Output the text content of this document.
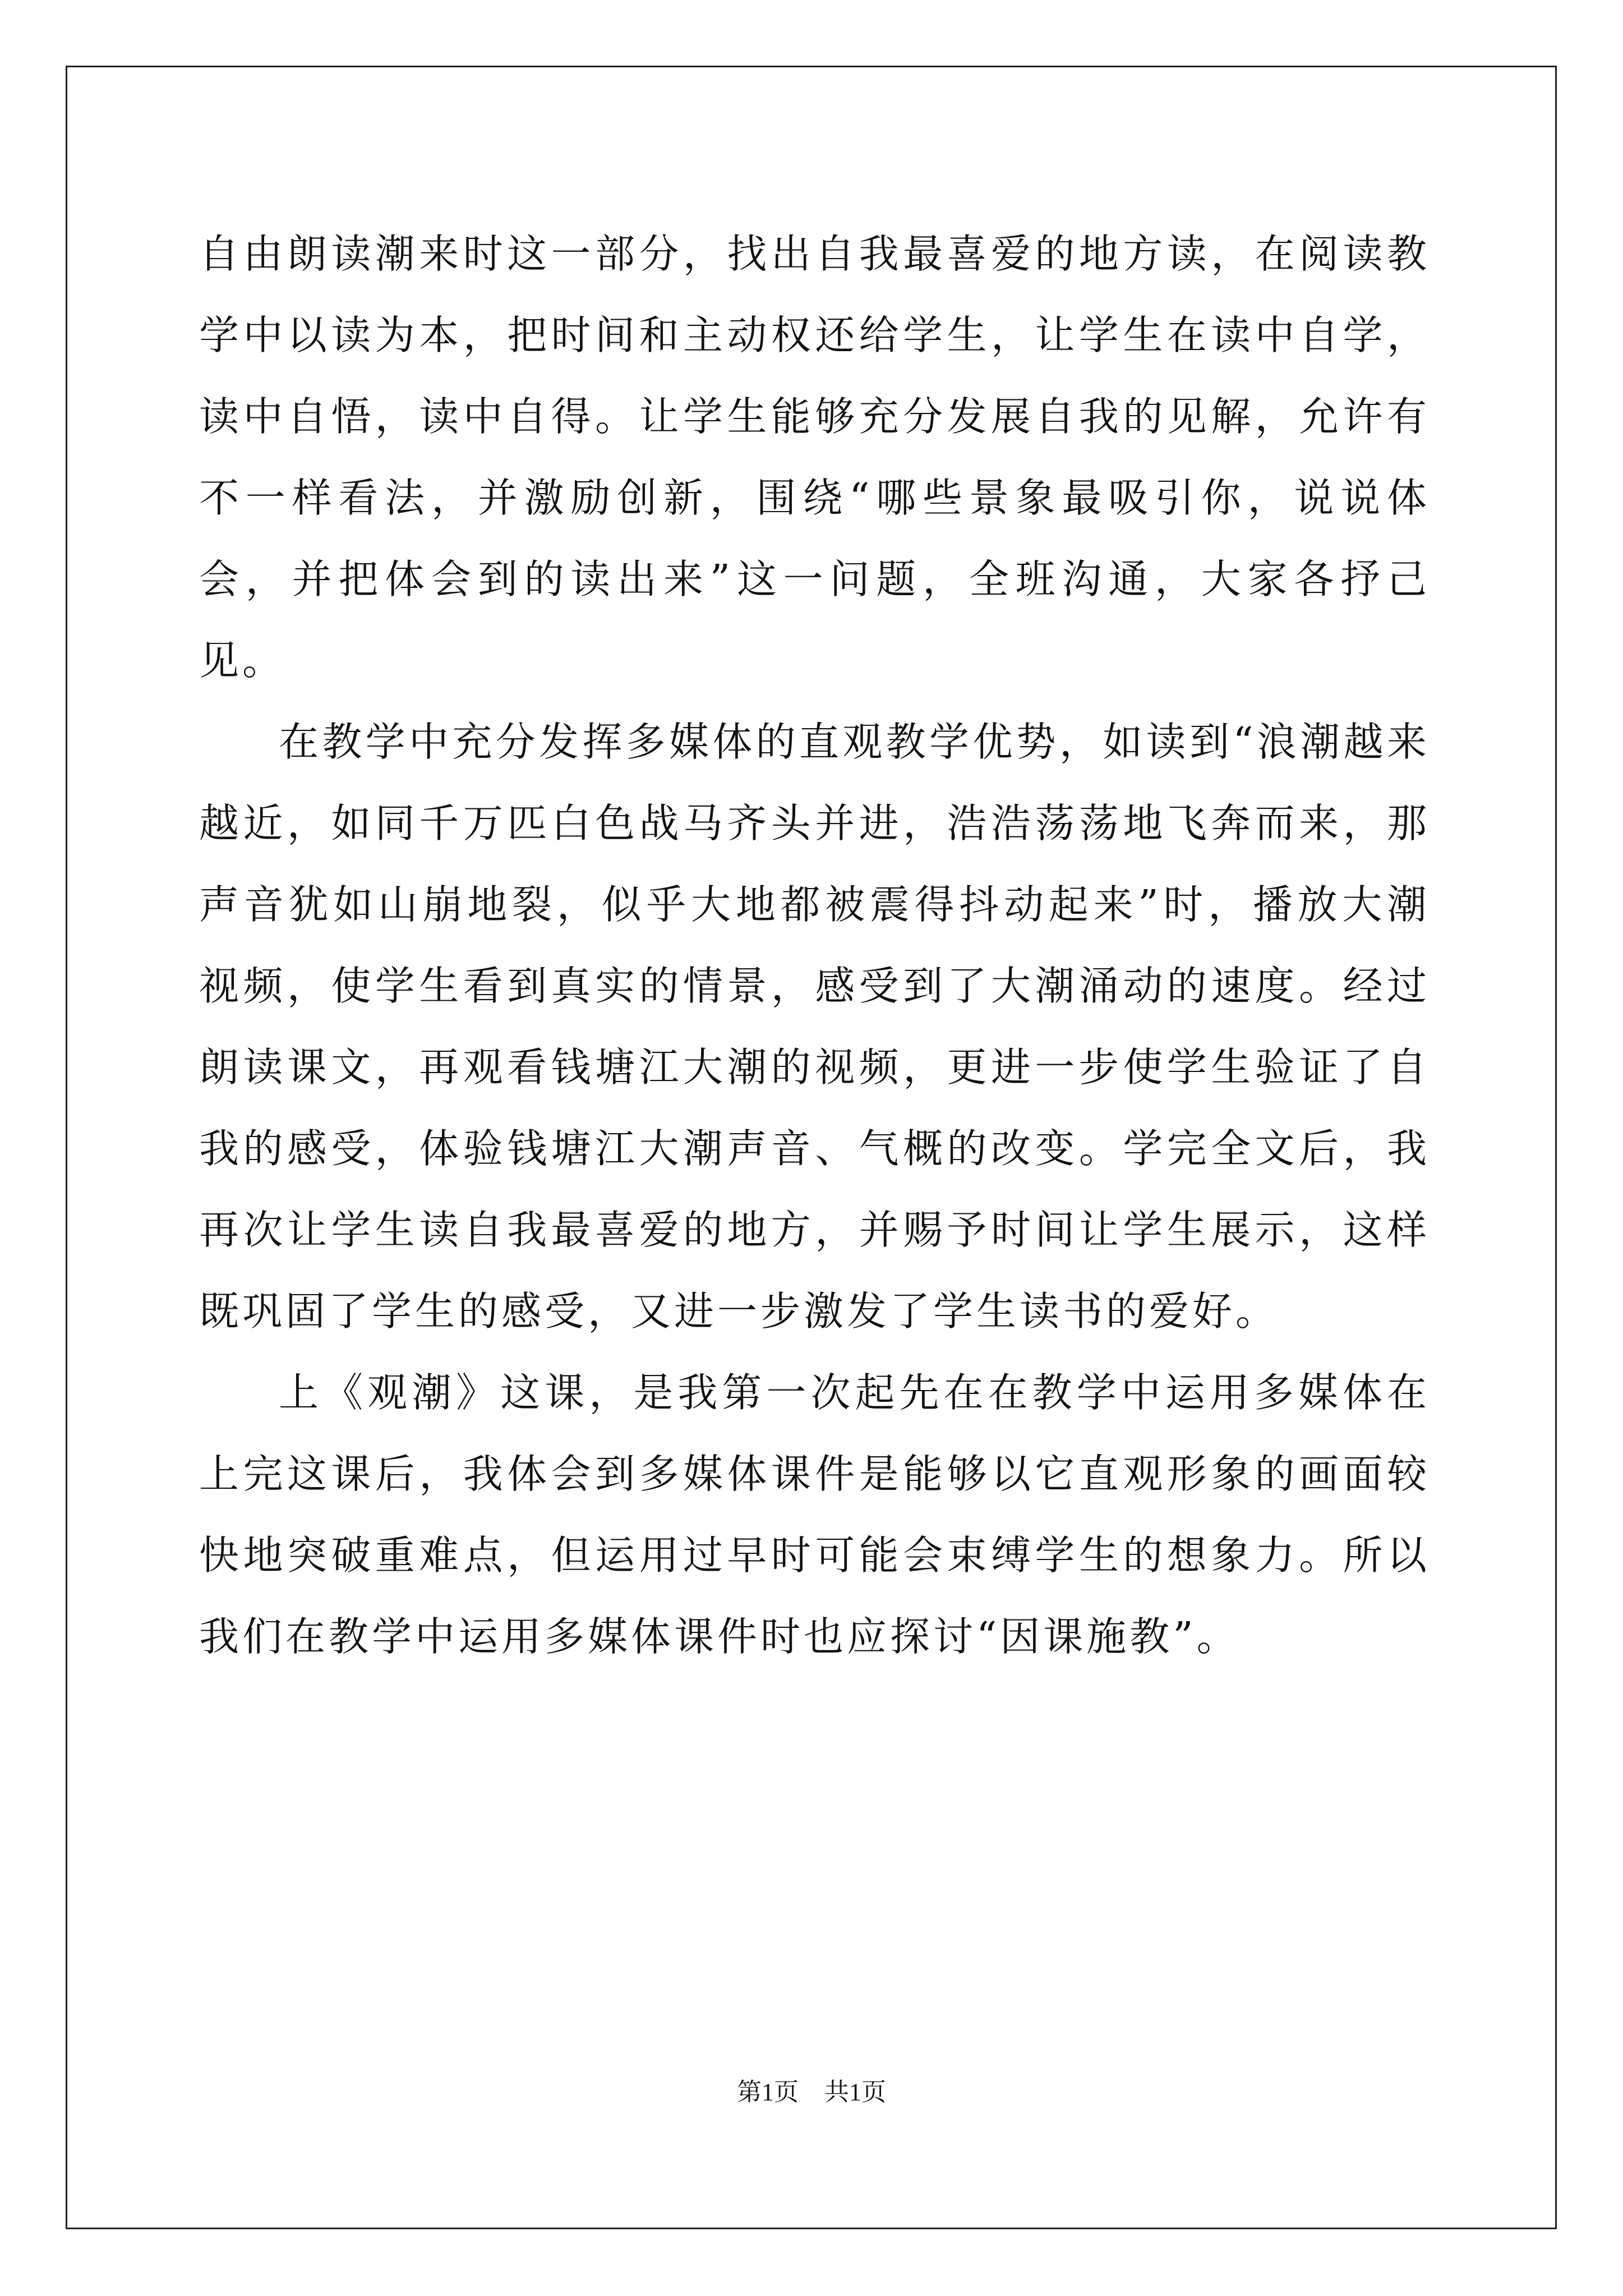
自由朗读潮来时这一部分，找出自我最喜爱的地方读，在阅读教学中以读为本，把时间和主动权还给学生，让学生在读中自学，读中自悟，读中自得。让学生能够充分发展自我的见解，允许有不一样看法，并激励创新，围绕“哪些景象最吸引你，说说体会，并把体会到的读出来”这一问题，全班沟通，大家各抒己见。

在教学中充分发挥多媒体的直观教学优势，如读到“浪潮越来越近，如同千万匹白色战马齐头并进，浩浩荡荡地飞奔而来，那声音犹如山崩地裂，似乎大地都被震得抖动起来”时，播放大潮视频，使学生看到真实的情景，感受到了大潮涌动的速度。经过朗读课文，再观看钱塘江大潮的视频，更进一步使学生验证了自我的感受，体验钱塘江大潮声音、气概的改变。学完全文后，我再次让学生读自我最喜爱的地方，并赐予时间让学生展示，这样既巩固了学生的感受，又进一步激发了学生读书的爱好。

上《观潮》这课，是我第一次起先在在教学中运用多媒体在上完这课后，我体会到多媒体课件是能够以它直观形象的画面较快地突破重难点，但运用过早时可能会束缚学生的想象力。所以我们在教学中运用多媒体课件时也应探讨“因课施教”。

第1页 共1页
